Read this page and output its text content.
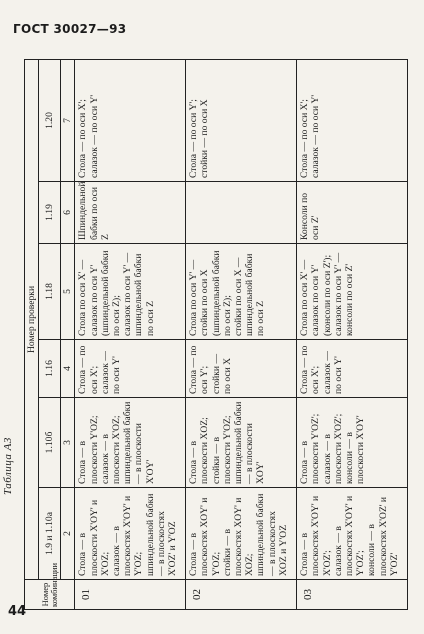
ГОСТ 30027—93
Таблица А3
Номер комбинации	Номер проверки					
	1.9 и 1.10а	1.10б	1.16	1.18	1.19	1.20
	2	3	4	5	6	7
01	Стола — в плоскости X'OY' и X'OZ;
салазок — в плоскостях X'OY' и Y'OZ;
шпиндельной бабки — в плоскостях X'OZ' и Y'OZ	Стола — в плоскости Y'OZ;
салазок — в плоскости X'OZ;
шпиндельной бабки — в плоскости X'OY'	Стола — по оси X';
салазок — по оси Y'	Стола по оси X' — салазок по оси Y' (шпиндельной бабки по оси Z);
салазок по оси Y' — шпиндельной бабки по оси Z	Шпиндельной бабки по оси Z	Стола — по оси X';
салазок — по оси Y'
02	Стола — в плоскостях XOY' и Y'OZ;
стойки — в плоскостях XOY' и XOZ;
шпиндельной бабки — в плоскостях XOZ и Y'OZ	Стола — в плоскости XOZ;
стойки — в плоскости Y'OZ;
шпиндельной бабки — в плоскости XOY'	Стола — по оси Y';
стойки — по оси X	Стола по оси Y' — стойки по оси X (шпиндельной бабки по оси Z);
стойки по оси X — шпиндельной бабки по оси Z		Стола — по оси Y';
стойки — по оси X
03	Стола — в плоскостях X'OY' и X'OZ';
салазок — в плоскостях X'OY' и Y'OZ';
консоли — в плоскостях X'OZ' и Y'OZ'	Стола — в плоскости Y'OZ';
салазок — в плоскости X'OZ';
консоли — в плоскости X'OY'	Стола — по оси X';
салазок — по оси Y'	Стола по оси X' — салазок по оси Y' (консоли по оси Z');
салазок по оси Y' — консоли по оси Z'	Консоли по оси Z'	Стола — по оси X';
салазок — по оси Y'
44
